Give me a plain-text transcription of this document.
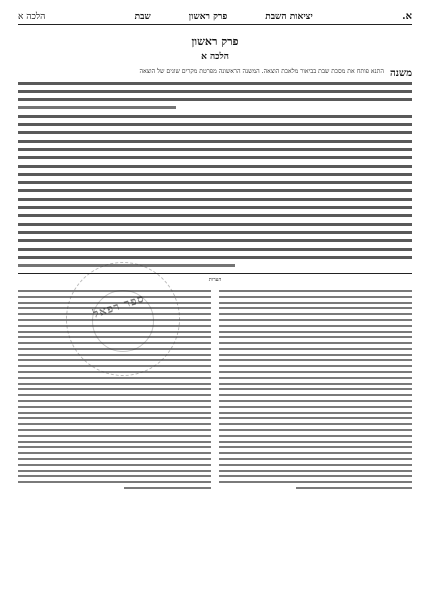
א.
יציאות השבת
פרק ראשון
שבת
הלכה א
פרק ראשון
הלכה א
משנה

התנא פותח את מסכת שבת בביאור מלאכת הוצאה. המשנה הראשונה מפרטת מקרים שונים של הוצאה

הערות
ספר רפאל
